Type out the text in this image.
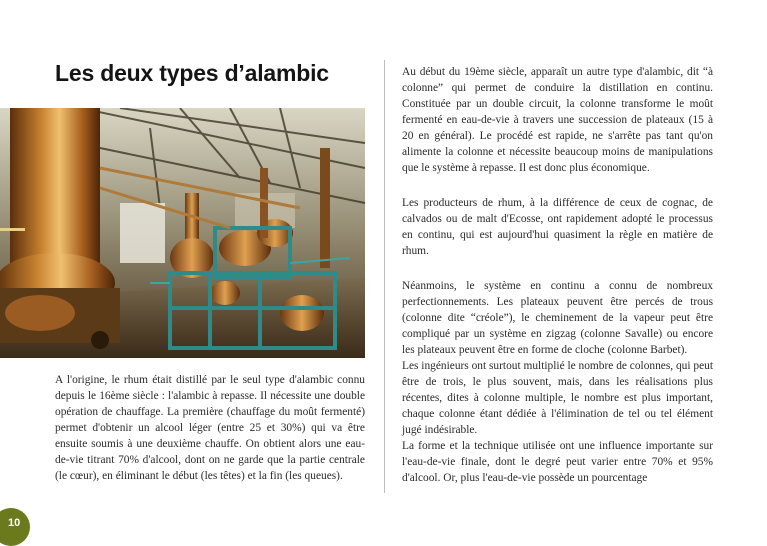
Les deux types d’alambic

A l'origine, le rhum était distillé par le seul type d'alambic connu depuis le 16ème siècle : l'alambic à repasse. Il nécessite une double opération de chauffage. La première (chauffage du moût fermenté) permet d'obtenir un alcool léger (entre 25 et 30%) qui va être ensuite soumis à une deuxième chauffe. On obtient alors une eau-de-vie titrant 70% d'alcool, dont on ne garde que la partie centrale (le cœur), en éliminant le début (les têtes) et la fin (les queues).

Au début du 19ème siècle, apparaît un autre type d'alambic, dit “à colonne” qui permet de conduire la distillation en continu. Constituée par un double circuit, la colonne transforme le moût fermenté en eau-de-vie à travers une succession de plateaux (15 à 20 en général). Le procédé est rapide, ne s'arrête pas tant qu'on alimente la colonne et nécessite beaucoup moins de manipulations que le système à repasse. Il est donc plus économique.

Les producteurs de rhum, à la différence de ceux de cognac, de calvados ou de malt d'Ecosse, ont rapidement adopté le processus en continu, qui est aujourd'hui quasiment la règle en matière de rhum.

Néanmoins, le système en continu a connu de nombreux perfectionnements. Les plateaux peuvent être percés de trous (colonne dite “créole”), le cheminement de la vapeur peut être compliqué par un système en zigzag (colonne Savalle) ou encore les plateaux peuvent être en forme de cloche (colonne Barbet).

Les ingénieurs ont surtout multiplié le nombre de colonnes, qui peut être de trois, le plus souvent, mais, dans les réalisations plus récentes, dites à colonne multiple, le nombre est plus important, chaque colonne étant dédiée à l'élimination de tel ou tel élément jugé indésirable.

La forme et la technique utilisée ont une influence importante sur l'eau-de-vie finale, dont le degré peut varier entre 70% et 95% d'alcool. Or, plus l'eau-de-vie possède un pourcentage

10
